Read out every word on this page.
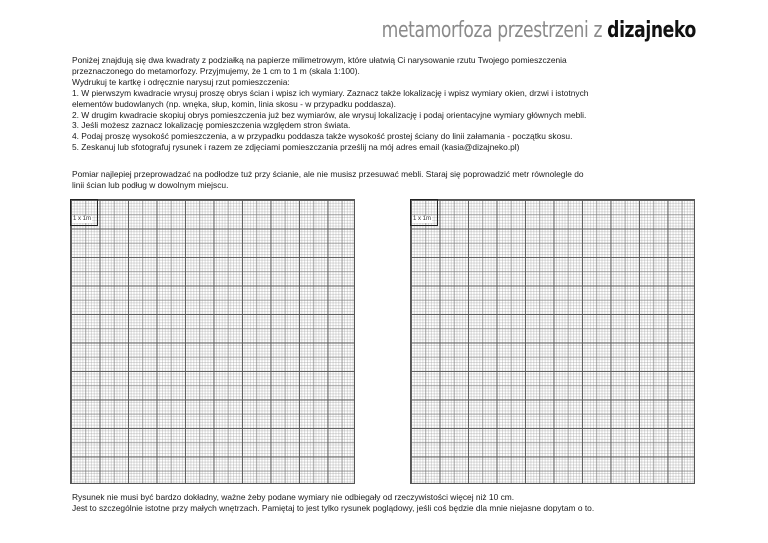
metamorfoza przestrzeni z dizajneko
Poniżej znajdują się dwa kwadraty z podziałką na papierze milimetrowym, które ułatwią Ci narysowanie rzutu Twojego pomieszczenia
przeznaczonego do metamorfozy. Przyjmujemy, że 1 cm to 1 m (skala 1:100).
Wydrukuj te kartkę i odręcznie narysuj rzut pomieszczenia:
1. W pierwszym kwadracie wrysuj proszę obrys ścian i wpisz ich wymiary. Zaznacz także lokalizację i wpisz wymiary okien, drzwi i istotnych
elementów budowlanych (np. wnęka, słup, komin, linia skosu - w przypadku poddasza).
2. W drugim kwadracie skopiuj obrys pomieszczenia już bez wymiarów, ale wrysuj lokalizację i podaj orientacyjne wymiary głównych mebli.
3. Jeśli możesz zaznacz lokalizację pomieszczenia względem stron świata.
4. Podaj proszę wysokość pomieszczenia, a w przypadku poddasza także wysokość prostej ściany do linii załamania - początku skosu.
5. Zeskanuj lub sfotografuj rysunek i razem ze zdjęciami pomieszczania prześlij na mój adres email (kasia@dizajneko.pl)
Pomiar najlepiej przeprowadzać na podłodze tuż przy ścianie, ale nie musisz przesuwać mebli. Staraj się poprowadzić metr równolegle do
linii ścian lub podług w dowolnym miejscu.
1 x 1m	1 x 1m
Rysunek nie musi być bardzo dokładny, ważne żeby podane wymiary nie odbiegały od rzeczywistości więcej niż 10 cm.
Jest to szczególnie istotne przy małych wnętrzach. Pamiętaj to jest tylko rysunek poglądowy, jeśli coś będzie dla mnie niejasne dopytam o to.
